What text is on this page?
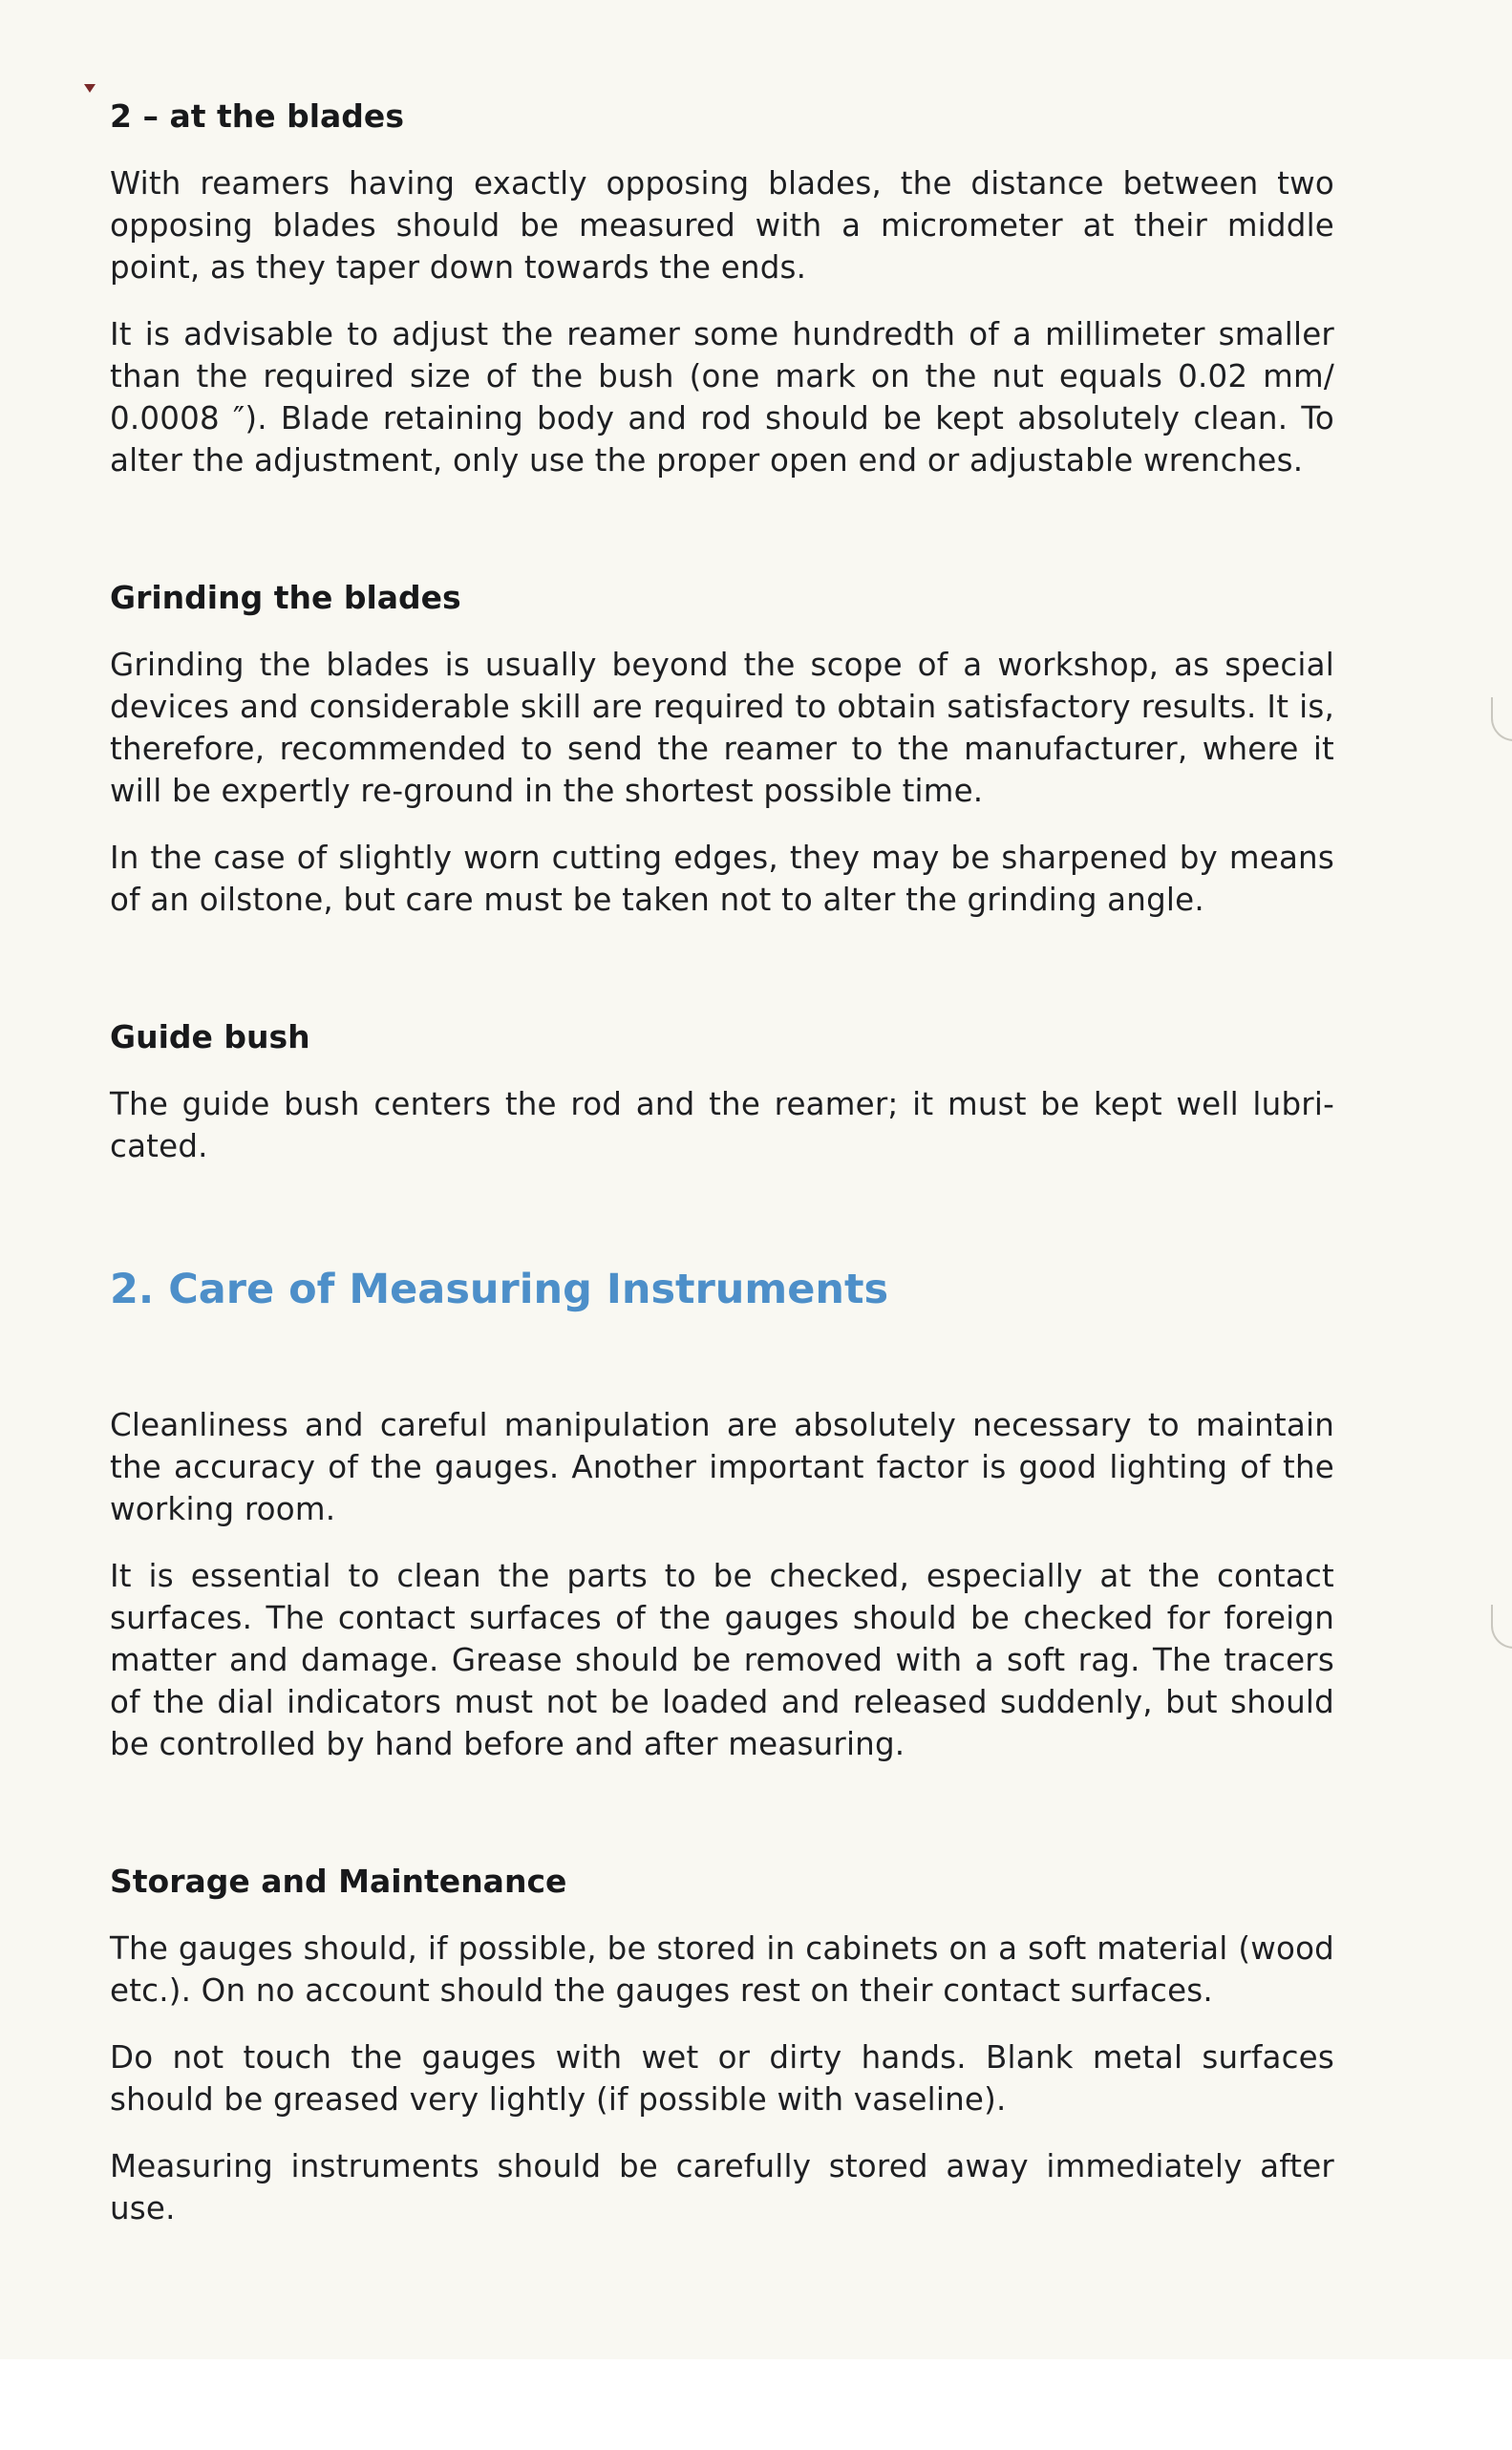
2 – at the blades

With reamers having exactly opposing blades, the distance between two opposing blades should be measured with a micrometer at their middle point, as they taper down towards the ends.

It is advisable to adjust the reamer some hundredth of a millimeter smaller than the required size of the bush (one mark on the nut equals 0.02 mm/ 0.0008 ″). Blade retaining body and rod should be kept absolutely clean. To alter the adjustment, only use the proper open end or adjustable wrenches.

Grinding the blades

Grinding the blades is usually beyond the scope of a workshop, as special devices and considerable skill are required to obtain satisfactory results. It is, therefore, recommended to send the reamer to the manufacturer, where it will be expertly re-ground in the shortest possible time.

In the case of slightly worn cutting edges, they may be sharpened by means of an oilstone, but care must be taken not to alter the grinding angle.

Guide bush

The guide bush centers the rod and the reamer; it must be kept well lubri- cated.

2. Care of Measuring Instruments

Cleanliness and careful manipulation are absolutely necessary to maintain the accuracy of the gauges. Another important factor is good lighting of the working room.

It is essential to clean the parts to be checked, especially at the contact surfaces. The contact surfaces of the gauges should be checked for foreign matter and damage. Grease should be removed with a soft rag. The tracers of the dial indicators must not be loaded and released suddenly, but should be controlled by hand before and after measuring.

Storage and Maintenance

The gauges should, if possible, be stored in cabinets on a soft material (wood etc.). On no account should the gauges rest on their contact surfaces.

Do not touch the gauges with wet or dirty hands. Blank metal surfaces should be greased very lightly (if possible with vaseline).

Measuring instruments should be carefully stored away immediately after use.
